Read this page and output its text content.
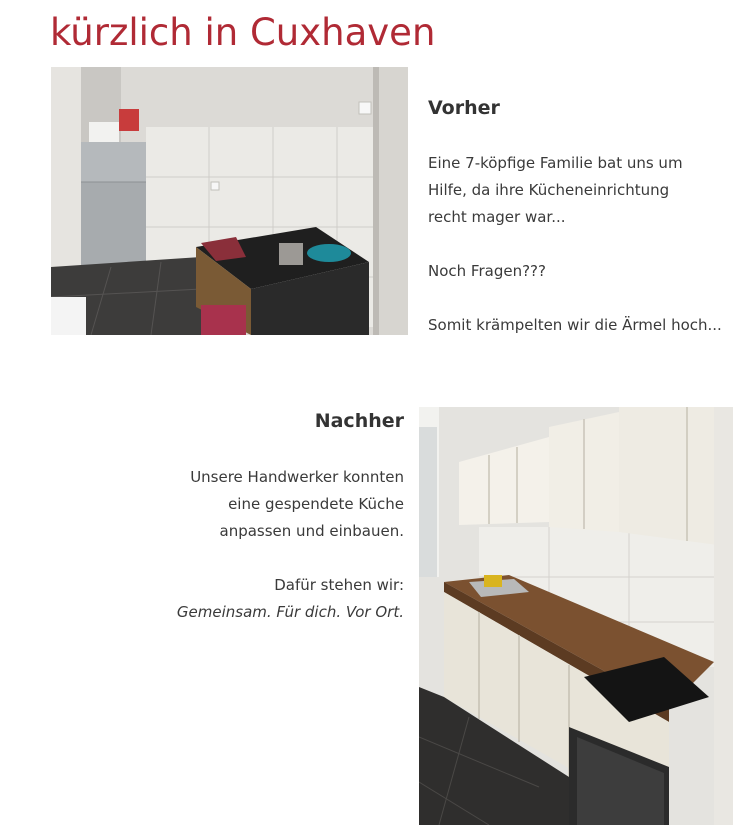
kürzlich in Cuxhaven
Vorher

Eine 7-köpfige Familie bat uns um
Hilfe, da ihre Kücheneinrichtung
recht mager war...

Noch Fragen???

Somit krämpelten wir die Ärmel hoch...

Nachher

Unsere Handwerker konnten
eine gespendete Küche
anpassen und einbauen.

Dafür stehen wir:
Gemeinsam. Für dich. Vor Ort.
